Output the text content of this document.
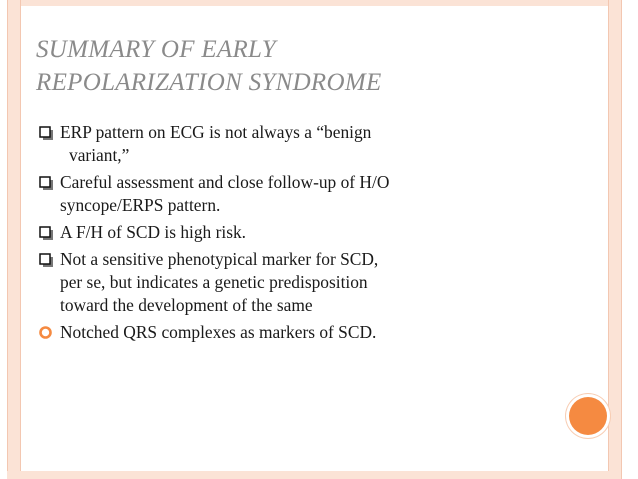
SUMMARY OF EARLY
REPOLARIZATION SYNDROME
ERP pattern on ECG is not always a “benign
variant,”
Careful assessment and close follow-up of H/O
syncope/ERPS pattern.
A F/H of SCD is high risk.
Not a sensitive phenotypical marker for SCD,
per se, but indicates a genetic predisposition
toward the development of the same
Notched QRS complexes as markers of SCD.
